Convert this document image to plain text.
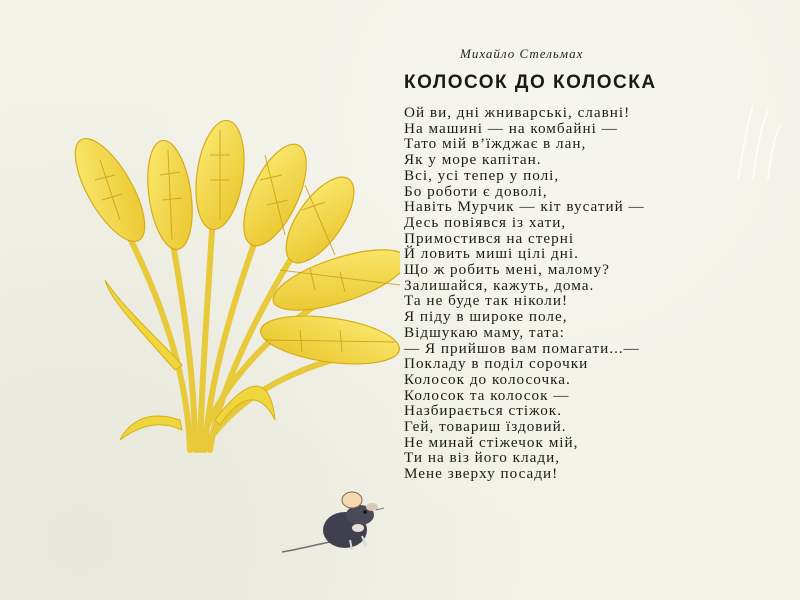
Михайло Стельмах
КОЛОСОК ДО КОЛОСКА
Ой ви, дні жниварські, славні!
На машині — на комбайні —
Тато мій в’їжджає в лан,
Як у море капітан.
Всі, усі тепер у полі,
Бо роботи є доволі,
Навіть Мурчик — кіт вусатий —
Десь повіявся із хати,
Примостився на стерні
Й ловить миші цілі дні.
Що ж робить мені, малому?
Залишайся, кажуть, дома.
Та не буде так ніколи!
Я піду в широке поле,
Відшукаю маму, тата:
— Я прийшов вам помагати...—
Покладу в поділ сорочки
Колосок до колосочка.
Колосок та колосок —
Назбирається стіжок.
Гей, товариш їздовий.
Не минай стіжечок мій,
Ти на віз його клади,
Мене зверху посади!
